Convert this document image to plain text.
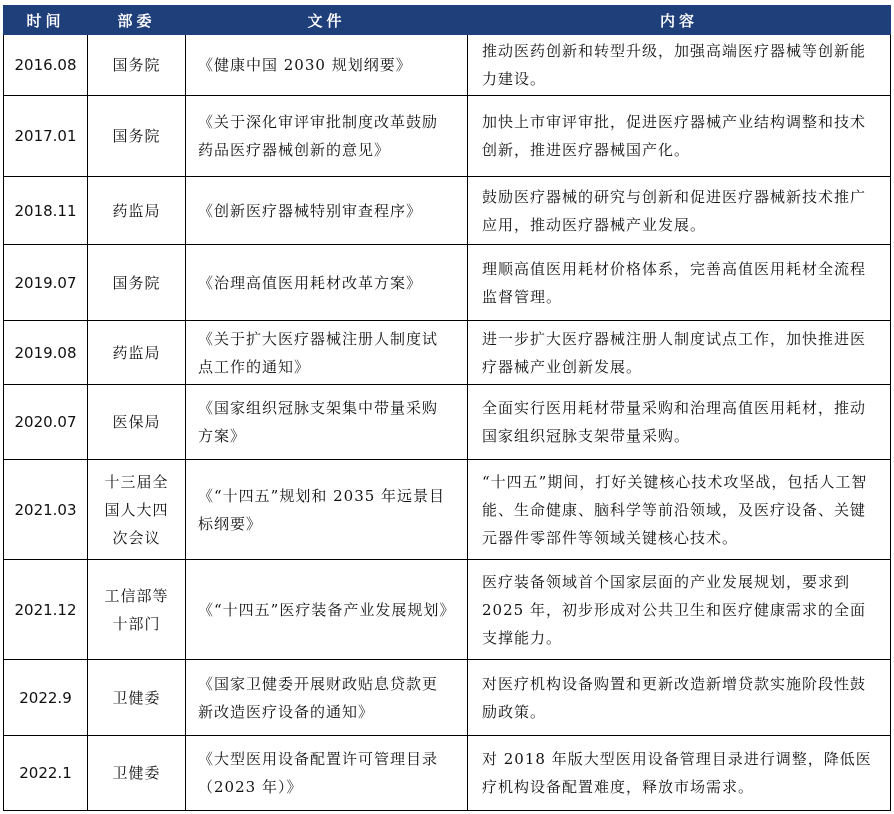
时间	部委	文件	内容
2016.08	国务院	《健康中国 2030 规划纲要》	推动医药创新和转型升级，加强高端医疗器械等创新能力建设。
2017.01	国务院	《关于深化审评审批制度改革鼓励药品医疗器械创新的意见》	加快上市审评审批，促进医疗器械产业结构调整和技术创新，推进医疗器械国产化。
2018.11	药监局	《创新医疗器械特别审查程序》	鼓励医疗器械的研究与创新和促进医疗器械新技术推广应用，推动医疗器械产业发展。
2019.07	国务院	《治理高值医用耗材改革方案》	理顺高值医用耗材价格体系，完善高值医用耗材全流程监督管理。
2019.08	药监局	《关于扩大医疗器械注册人制度试点工作的通知》	进一步扩大医疗器械注册人制度试点工作，加快推进医疗器械产业创新发展。
2020.07	医保局	《国家组织冠脉支架集中带量采购方案》	全面实行医用耗材带量采购和治理高值医用耗材，推动国家组织冠脉支架带量采购。
2021.03	十三届全国人大四次会议	《“十四五”规划和 2035 年远景目标纲要》	“十四五”期间，打好关键核心技术攻坚战，包括人工智能、生命健康、脑科学等前沿领域，及医疗设备、关键元器件零部件等领域关键核心技术。
2021.12	工信部等十部门	《“十四五”医疗装备产业发展规划》	医疗装备领域首个国家层面的产业发展规划，要求到 2025 年，初步形成对公共卫生和医疗健康需求的全面支撑能力。
2022.9	卫健委	《国家卫健委开展财政贴息贷款更新改造医疗设备的通知》	对医疗机构设备购置和更新改造新增贷款实施阶段性鼓励政策。
2022.1	卫健委	《大型医用设备配置许可管理目录（2023 年）》	对 2018 年版大型医用设备管理目录进行调整，降低医疗机构设备配置难度，释放市场需求。
